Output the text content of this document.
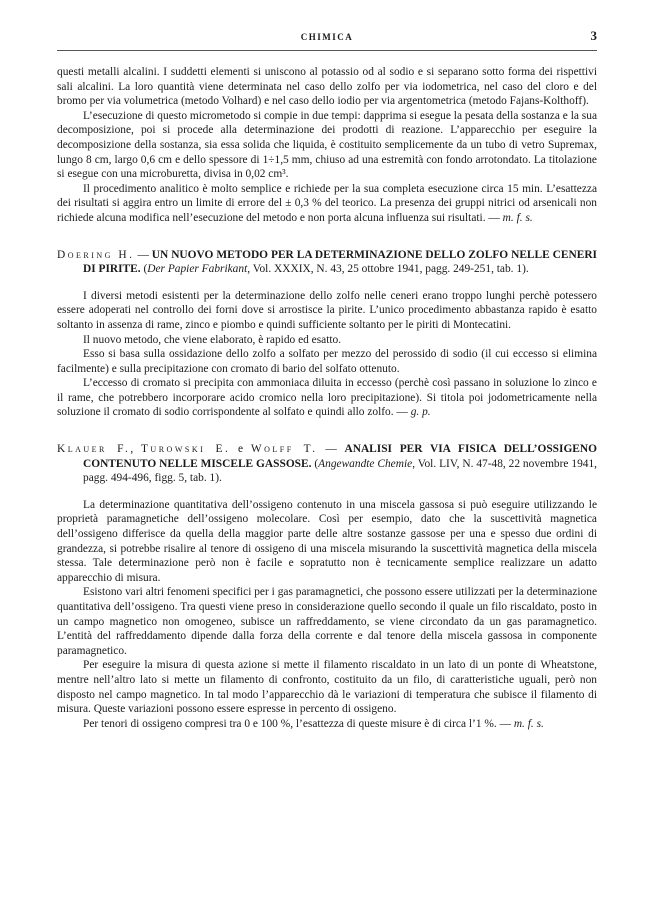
CHIMICA	3

questi metalli alcalini. I suddetti elementi si uniscono al potassio od al sodio e si separano sotto forma dei rispettivi sali alcalini. La loro quantità viene determinata nel caso dello zolfo per via iodometrica, nel caso del cloro e del bromo per via volumetrica (metodo Volhard) e nel caso dello iodio per via argentometrica (metodo Fajans-Kolthoff).

L’esecuzione di questo micrometodo si compie in due tempi: dapprima si esegue la pesata della sostanza e la sua decomposizione, poi si procede alla determinazione dei prodotti di reazione. L’apparecchio per eseguire la decomposizione della sostanza, sia essa solida che liquida, è costituito semplicemente da un tubo di vetro Supremax, lungo 8 cm, largo 0,6 cm e dello spessore di 1÷1,5 mm, chiuso ad una estremità con fondo arrotondato. La titolazione si esegue con una microburetta, divisa in 0,02 cm³.

Il procedimento analitico è molto semplice e richiede per la sua completa esecuzione circa 15 min. L’esattezza dei risultati si aggira entro un limite di errore del ± 0,3 % del teorico. La presenza dei gruppi nitrici od arsenicali non richiede alcuna modifica nell’esecuzione del metodo e non porta alcuna influenza sui risultati. — m. f. s.

Doering H. — UN NUOVO METODO PER LA DETERMINAZIONE DELLO ZOLFO NELLE CENERI DI PIRITE. (Der Papier Fabrikant, Vol. XXXIX, N. 43, 25 ottobre 1941, pagg. 249-251, tab. 1).

I diversi metodi esistenti per la determinazione dello zolfo nelle ceneri erano troppo lunghi perchè potessero essere adoperati nel controllo dei forni dove si arrostisce la pirite. L’unico procedimento abbastanza rapido è esatto soltanto in assenza di rame, zinco e piombo e quindi sufficiente soltanto per le piriti di Montecatini.

Il nuovo metodo, che viene elaborato, è rapido ed esatto.

Esso si basa sulla ossidazione dello zolfo a solfato per mezzo del perossido di sodio (il cui eccesso si elimina facilmente) e sulla precipitazione con cromato di bario del solfato ottenuto.

L’eccesso di cromato si precipita con ammoniaca diluita in eccesso (perchè così passano in soluzione lo zinco e il rame, che potrebbero incorporare acido cromico nella loro precipitazione). Si titola poi jodometricamente nella soluzione il cromato di sodio corrispondente al solfato e quindi allo zolfo. — g. p.

Klauer F., Turowski E. e Wolff T. — ANALISI PER VIA FISICA DELL’OSSIGENO CONTENUTO NELLE MISCELE GASSOSE. (Angewandte Chemie, Vol. LIV, N. 47-48, 22 novembre 1941, pagg. 494-496, figg. 5, tab. 1).

La determinazione quantitativa dell’ossigeno contenuto in una miscela gassosa si può eseguire utilizzando le proprietà paramagnetiche dell’ossigeno molecolare. Così per esempio, dato che la suscettività magnetica dell’ossigeno differisce da quella della maggior parte delle altre sostanze gassose per una e spesso due ordini di grandezza, si potrebbe risalire al tenore di ossigeno di una miscela misurando la suscettività magnetica della miscela stessa. Tale determinazione però non è facile e sopratutto non è tecnicamente semplice realizzare un adatto apparecchio di misura.

Esistono vari altri fenomeni specifici per i gas paramagnetici, che possono essere utilizzati per la determinazione quantitativa dell’ossigeno. Tra questi viene preso in considerazione quello secondo il quale un filo riscaldato, posto in un campo magnetico non omogeneo, subisce un raffreddamento, se viene circondato da un gas paramagnetico. L’entità del raffreddamento dipende dalla forza della corrente e dal tenore della miscela gassosa in componente paramagnetico.

Per eseguire la misura di questa azione si mette il filamento riscaldato in un lato di un ponte di Wheatstone, mentre nell’altro lato si mette un filamento di confronto, costituito da un filo, di caratteristiche uguali, però non disposto nel campo magnetico. In tal modo l’apparecchio dà le variazioni di temperatura che subisce il filamento di misura. Queste variazioni possono essere espresse in percento di ossigeno.

Per tenori di ossigeno compresi tra 0 e 100 %, l’esattezza di queste misure è di circa l’1 %. — m. f. s.
